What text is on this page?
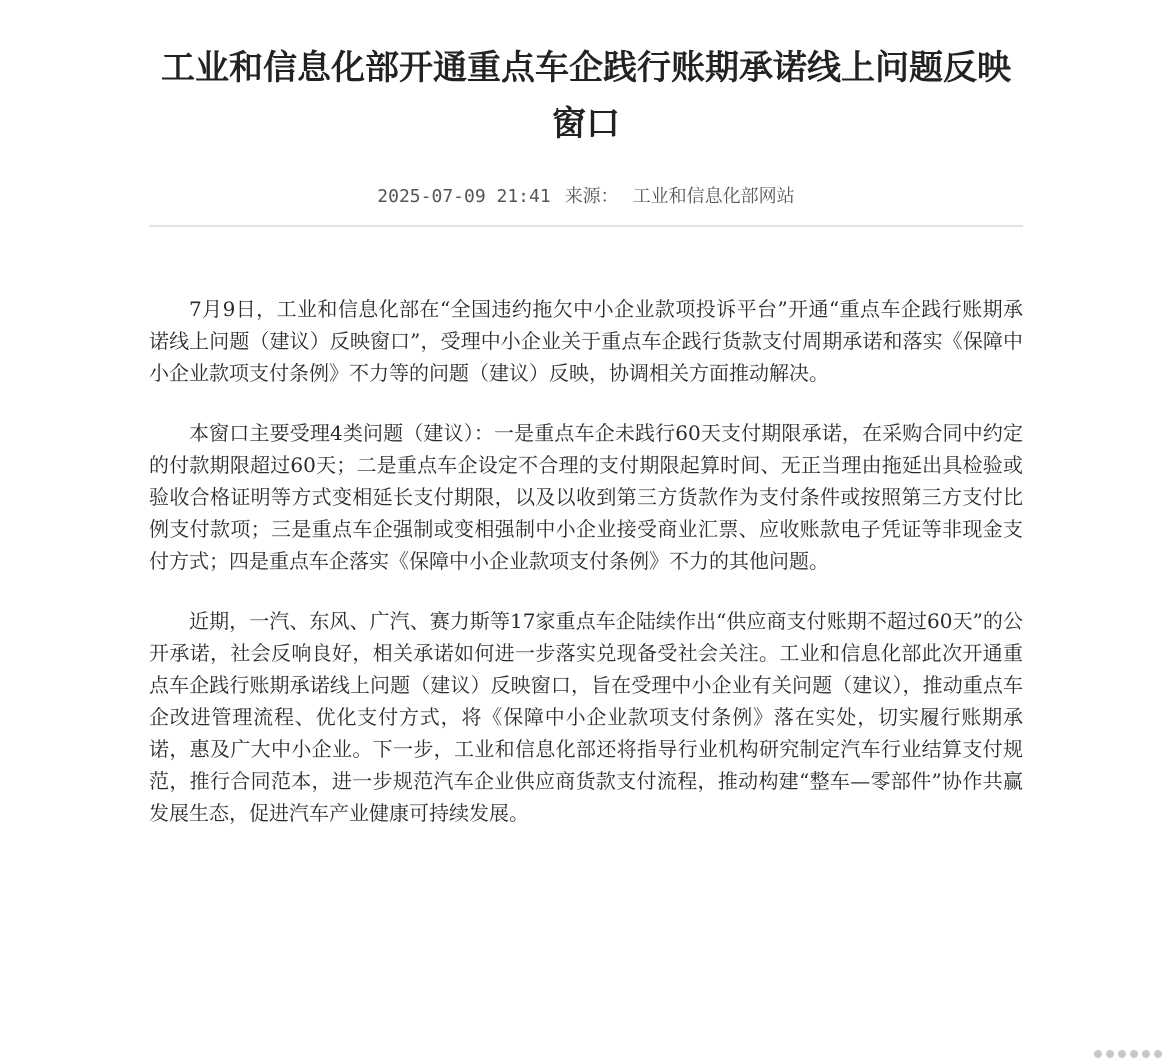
工业和信息化部开通重点车企践行账期承诺线上问题反映窗口
2025-07-09 21:41 来源： 工业和信息化部网站

7月9日，工业和信息化部在“全国违约拖欠中小企业款项投诉平台”开通“重点车企践行账期承诺线上问题（建议）反映窗口”，受理中小企业关于重点车企践行货款支付周期承诺和落实《保障中小企业款项支付条例》不力等的问题（建议）反映，协调相关方面推动解决。

本窗口主要受理4类问题（建议）：一是重点车企未践行60天支付期限承诺，在采购合同中约定的付款期限超过60天；二是重点车企设定不合理的支付期限起算时间、无正当理由拖延出具检验或验收合格证明等方式变相延长支付期限，以及以收到第三方货款作为支付条件或按照第三方支付比例支付款项；三是重点车企强制或变相强制中小企业接受商业汇票、应收账款电子凭证等非现金支付方式；四是重点车企落实《保障中小企业款项支付条例》不力的其他问题。

近期，一汽、东风、广汽、赛力斯等17家重点车企陆续作出“供应商支付账期不超过60天”的公开承诺，社会反响良好，相关承诺如何进一步落实兑现备受社会关注。工业和信息化部此次开通重点车企践行账期承诺线上问题（建议）反映窗口，旨在受理中小企业有关问题（建议），推动重点车企改进管理流程、优化支付方式，将《保障中小企业款项支付条例》落在实处，切实履行账期承诺，惠及广大中小企业。下一步，工业和信息化部还将指导行业机构研究制定汽车行业结算支付规范，推行合同范本，进一步规范汽车企业供应商货款支付流程，推动构建“整车—零部件”协作共赢发展生态，促进汽车产业健康可持续发展。
